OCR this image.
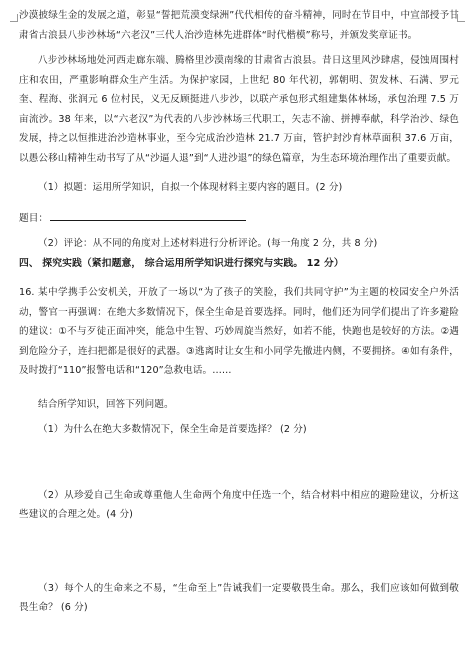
沙漠披绿生金的发展之道，彰显“誓把荒漠变绿洲”代代相传的奋斗精神，同时在节目中，中宣部授予甘肃省古浪县八步沙林场“六老汉”三代人治沙造林先进群体“时代楷模”称号，并颁发奖章证书。

八步沙林场地处河西走廊东端、腾格里沙漠南缘的甘肃省古浪县。昔日这里风沙肆虐，侵蚀周围村庄和农田，严重影响群众生产生活。为保护家园，上世纪 80 年代初，郭朝明、贺发林、石满、罗元奎、程海、张润元 6 位村民，义无反顾挺进八步沙，以联产承包形式组建集体林场，承包治理 7.5 万亩流沙。38 年来，以“六老汉”为代表的八步沙林场三代职工，矢志不渝、拼搏奉献，科学治沙、绿色发展，持之以恒推进治沙造林事业，至今完成治沙造林 21.7 万亩，管护封沙育林草面积 37.6 万亩，以愚公移山精神生动书写了从“沙逼人退”到“人进沙退”的绿色篇章，为生态环境治理作出了重要贡献。

（1）拟题：运用所学知识，自拟一个体现材料主要内容的题目。(2 分)

题目：

（2）评论：从不同的角度对上述材料进行分析评论。(每一角度 2 分，共 8 分)

四、 探究实践（紧扣题意， 综合运用所学知识进行探究与实践。 12 分）

16. 某中学携手公安机关，开放了一场以“为了孩子的笑脸，我们共同守护”为主题的校园安全户外活动，警官一再强调：在绝大多数情况下，保全生命是首要选择。同时，他们还为同学们提出了许多避险的建议：①不与歹徒正面冲突，能急中生智、巧妙周旋当然好，如若不能，快跑也是较好的方法。②遇到危险分子，连扫把都是很好的武器。③逃离时让女生和小同学先撤进内侧，不要拥挤。④如有条件，及时拨打“110”报警电话和“120”急救电话。……

结合所学知识，回答下列问题。

（1）为什么在绝大多数情况下，保全生命是首要选择？ (2 分)

（2）从珍爱自己生命或尊重他人生命两个角度中任选一个，结合材料中相应的避险建议，分析这些建议的合理之处。(4 分)

（3）每个人的生命来之不易，“生命至上”告诫我们一定要敬畏生命。那么，我们应该如何做到敬畏生命？ (6 分)
